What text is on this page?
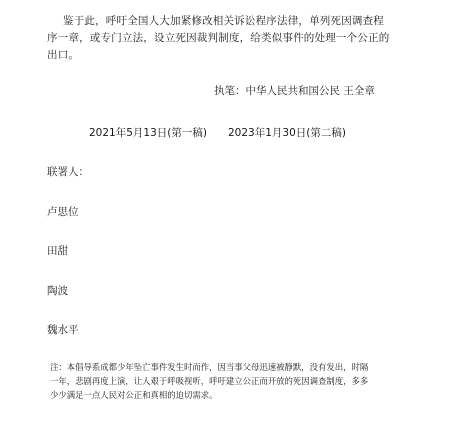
鉴于此，呼吁全国人大加紧修改相关诉讼程序法律，单列死因调查程
序一章，或专门立法，设立死因裁判制度，给类似事件的处理一个公正的
出口。
执笔：中华人民共和国公民 王全章
2021年5月13日(第一稿) 2023年1月30日(第二稿)
联署人：
卢思位
田甜
陶波
魏水平
注：本倡导系成都少年坠亡事件发生时而作，因当事父母迅速被静默，没有发出，时隔
一年，悲剧再度上演，让人艰于呼吸视听，呼吁建立公正而开放的死因调查制度，多多
少少满足一点人民对公正和真相的迫切需求。
